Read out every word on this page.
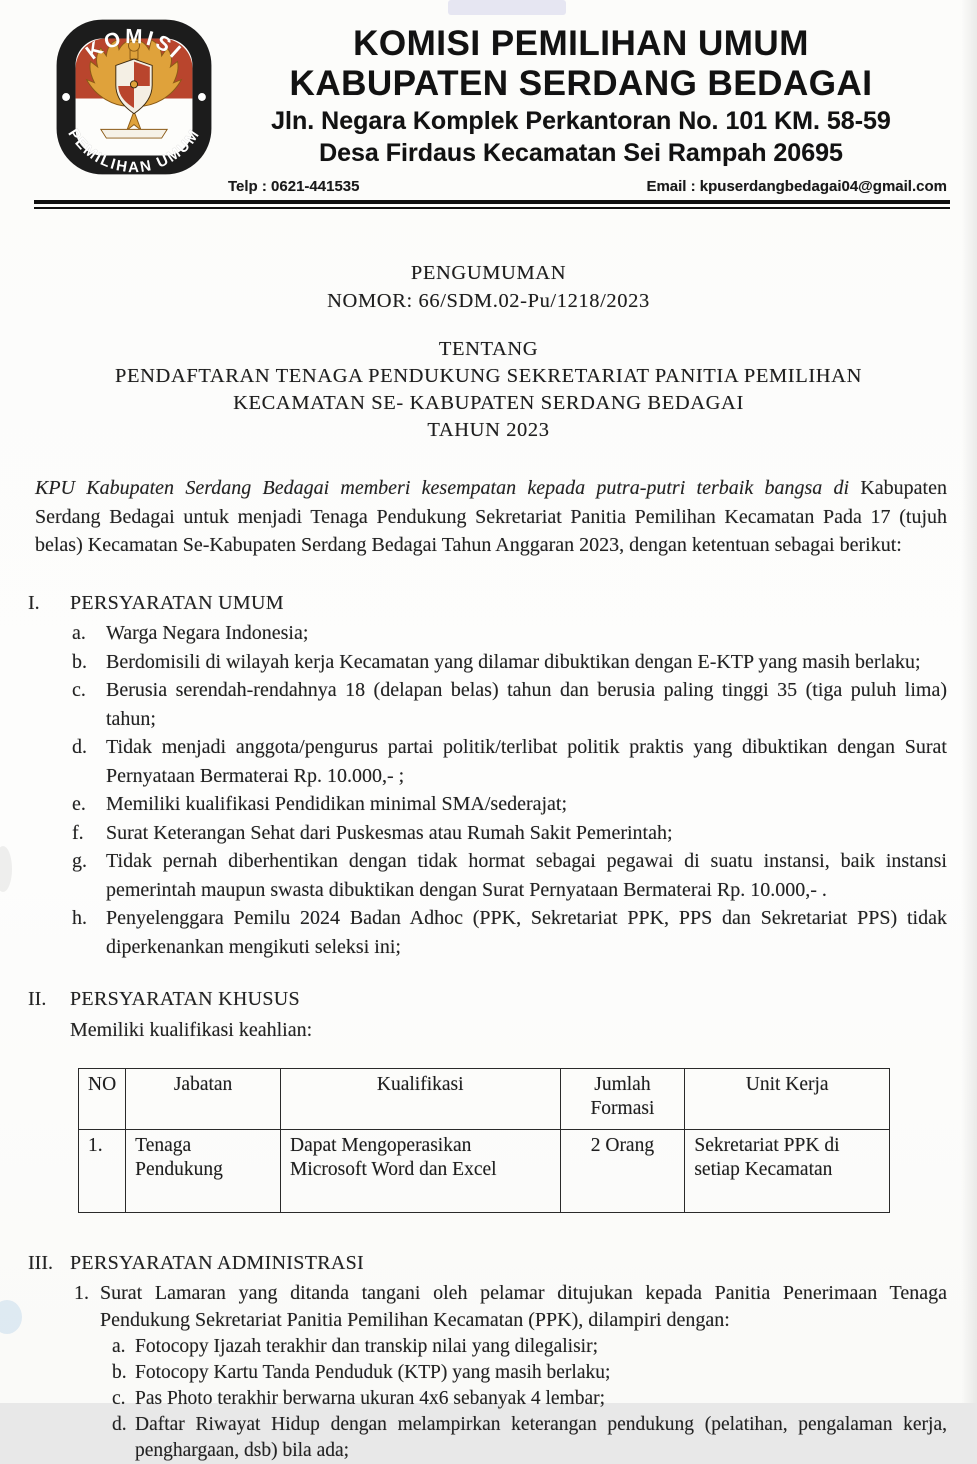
KOMISI
PEMILIHAN UMUM
KOMISI PEMILIHAN UMUM
KABUPATEN SERDANG BEDAGAI
Jln. Negara Komplek Perkantoran No. 101 KM. 58-59
Desa Firdaus Kecamatan Sei Rampah 20695
Telp : 0621-441535	Email : kpuserdangbedagai04@gmail.com
PENGUMUMAN
NOMOR: 66/SDM.02-Pu/1218/2023
TENTANG
PENDAFTARAN TENAGA PENDUKUNG SEKRETARIAT PANITIA PEMILIHAN
KECAMATAN SE- KABUPATEN SERDANG BEDAGAI
TAHUN 2023

KPU Kabupaten Serdang Bedagai memberi kesempatan kepada putra-putri terbaik bangsa di Kabupaten Serdang Bedagai untuk menjadi Tenaga Pendukung Sekretariat Panitia Pemilihan Kecamatan Pada 17 (tujuh belas) Kecamatan Se-Kabupaten Serdang Bedagai Tahun Anggaran 2023, dengan ketentuan sebagai berikut:

I.	PERSYARATAN UMUM
a.	Warga Negara Indonesia;
b. Berdomisili di wilayah kerja Kecamatan yang dilamar dibuktikan dengan E-KTP yang masih berlaku;
c.	Berusia serendah-rendahnya 18 (delapan belas) tahun dan berusia paling tinggi 35 (tiga puluh lima) tahun;
d. Tidak menjadi anggota/pengurus partai politik/terlibat politik praktis yang dibuktikan dengan Surat Pernyataan Bermaterai Rp. 10.000,- ;
e.	Memiliki kualifikasi Pendidikan minimal SMA/sederajat;
f.	Surat Keterangan Sehat dari Puskesmas atau Rumah Sakit Pemerintah;
g. Tidak pernah diberhentikan dengan tidak hormat sebagai pegawai di suatu instansi, baik instansi pemerintah maupun swasta dibuktikan dengan Surat Pernyataan Bermaterai Rp. 10.000,- .
h. Penyelenggara Pemilu 2024 Badan Adhoc (PPK, Sekretariat PPK, PPS dan Sekretariat PPS) tidak diperkenankan mengikuti seleksi ini;
II.	PERSYARATAN KHUSUS
Memiliki kualifikasi keahlian:
NO	Jabatan	Kualifikasi	Jumlah Formasi	Unit Kerja
1.	Tenaga Pendukung	Dapat Mengoperasikan Microsoft Word dan Excel	2 Orang	Sekretariat PPK di setiap Kecamatan
III. PERSYARATAN ADMINISTRASI
1. Surat Lamaran yang ditanda tangani oleh pelamar ditujukan kepada Panitia Penerimaan Tenaga Pendukung Sekretariat Panitia Pemilihan Kecamatan (PPK), dilampiri dengan:
a. Fotocopy Ijazah terakhir dan transkip nilai yang dilegalisir;
b. Fotocopy Kartu Tanda Penduduk (KTP) yang masih berlaku;
c. Pas Photo terakhir berwarna ukuran 4x6 sebanyak 4 lembar;
d. Daftar Riwayat Hidup dengan melampirkan keterangan pendukung (pelatihan, pengalaman kerja, penghargaan, dsb) bila ada;
